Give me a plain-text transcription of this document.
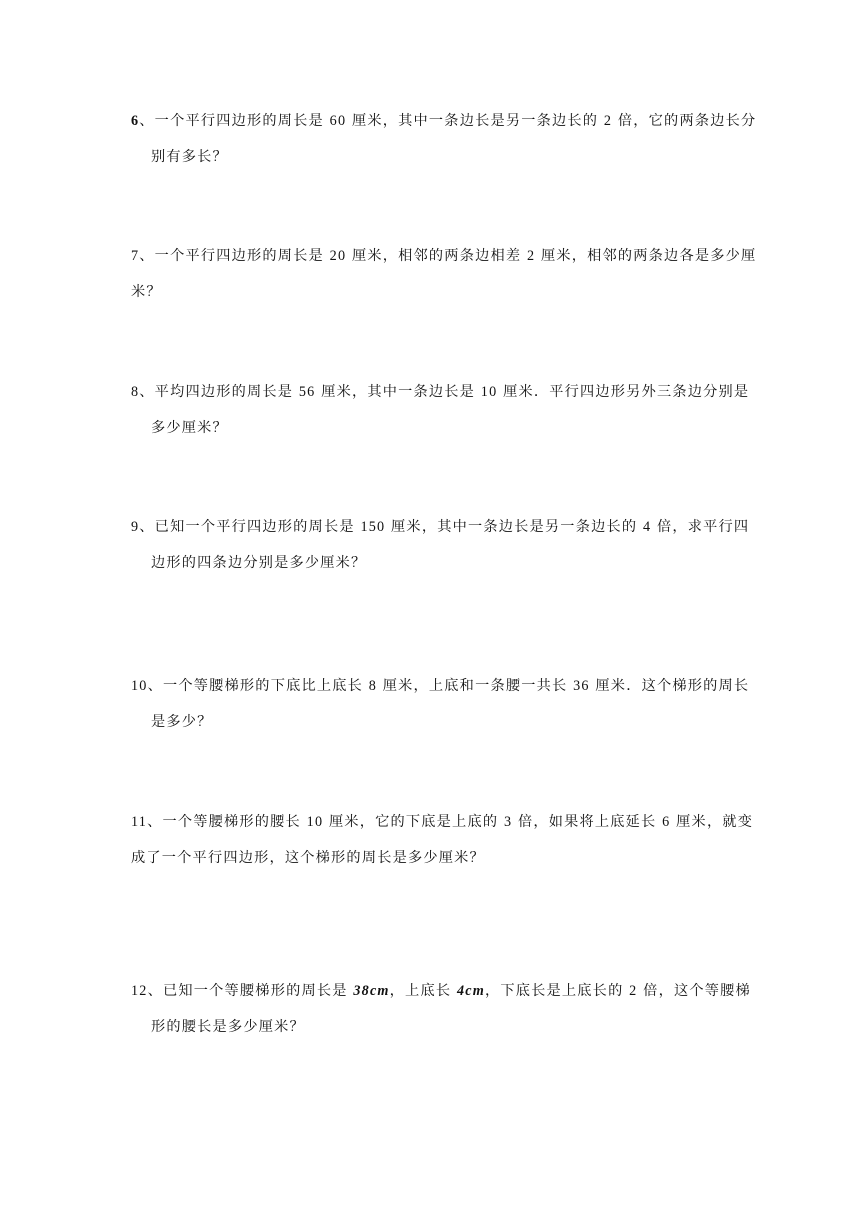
6、一个平行四边形的周长是 60 厘米，其中一条边长是另一条边长的 2 倍，它的两条边长分
别有多长？
7、一个平行四边形的周长是 20 厘米，相邻的两条边相差 2 厘米，相邻的两条边各是多少厘
米？
8、平均四边形的周长是 56 厘米，其中一条边长是 10 厘米．平行四边形另外三条边分别是
多少厘米？
9、已知一个平行四边形的周长是 150 厘米，其中一条边长是另一条边长的 4 倍，求平行四
边形的四条边分别是多少厘米？
10、一个等腰梯形的下底比上底长 8 厘米，上底和一条腰一共长 36 厘米．这个梯形的周长
是多少？
11、一个等腰梯形的腰长 10 厘米，它的下底是上底的 3 倍，如果将上底延长 6 厘米，就变
成了一个平行四边形，这个梯形的周长是多少厘米？
12、已知一个等腰梯形的周长是 38cm，上底长 4cm，下底长是上底长的 2 倍，这个等腰梯
形的腰长是多少厘米？
